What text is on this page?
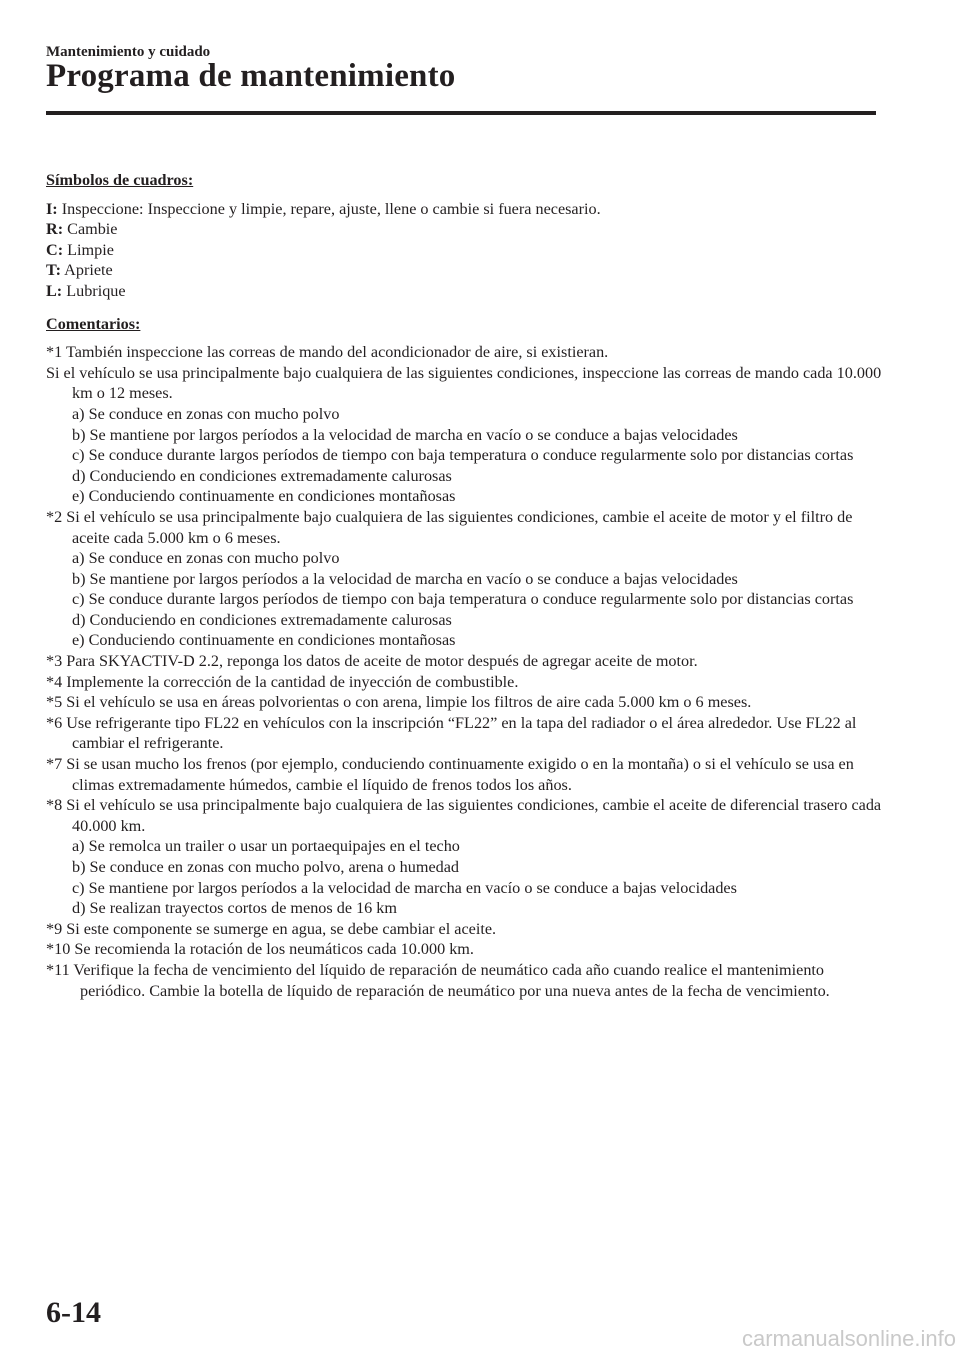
Mantenimiento y cuidado
Programa de mantenimiento
Símbolos de cuadros:
I: Inspeccione: Inspeccione y limpie, repare, ajuste, llene o cambie si fuera necesario.
R: Cambie
C: Limpie
T: Apriete
L: Lubrique
Comentarios:
*1 También inspeccione las correas de mando del acondicionador de aire, si existieran.
Si el vehículo se usa principalmente bajo cualquiera de las siguientes condiciones, inspeccione las correas de mando cada 10.000 km o 12 meses.
a) Se conduce en zonas con mucho polvo
b) Se mantiene por largos períodos a la velocidad de marcha en vacío o se conduce a bajas velocidades
c) Se conduce durante largos períodos de tiempo con baja temperatura o conduce regularmente solo por distancias cortas
d) Conduciendo en condiciones extremadamente calurosas
e) Conduciendo continuamente en condiciones montañosas
*2 Si el vehículo se usa principalmente bajo cualquiera de las siguientes condiciones, cambie el aceite de motor y el filtro de aceite cada 5.000 km o 6 meses.
a) Se conduce en zonas con mucho polvo
b) Se mantiene por largos períodos a la velocidad de marcha en vacío o se conduce a bajas velocidades
c) Se conduce durante largos períodos de tiempo con baja temperatura o conduce regularmente solo por distancias cortas
d) Conduciendo en condiciones extremadamente calurosas
e) Conduciendo continuamente en condiciones montañosas
*3 Para SKYACTIV-D 2.2, reponga los datos de aceite de motor después de agregar aceite de motor.
*4 Implemente la corrección de la cantidad de inyección de combustible.
*5 Si el vehículo se usa en áreas polvorientas o con arena, limpie los filtros de aire cada 5.000 km o 6 meses.
*6 Use refrigerante tipo FL22 en vehículos con la inscripción “FL22” en la tapa del radiador o el área alrededor. Use FL22 al cambiar el refrigerante.
*7 Si se usan mucho los frenos (por ejemplo, conduciendo continuamente exigido o en la montaña) o si el vehículo se usa en climas extremadamente húmedos, cambie el líquido de frenos todos los años.
*8 Si el vehículo se usa principalmente bajo cualquiera de las siguientes condiciones, cambie el aceite de diferencial trasero cada 40.000 km.
a) Se remolca un trailer o usar un portaequipajes en el techo
b) Se conduce en zonas con mucho polvo, arena o humedad
c) Se mantiene por largos períodos a la velocidad de marcha en vacío o se conduce a bajas velocidades
d) Se realizan trayectos cortos de menos de 16 km
*9 Si este componente se sumerge en agua, se debe cambiar el aceite.
*10 Se recomienda la rotación de los neumáticos cada 10.000 km.
*11 Verifique la fecha de vencimiento del líquido de reparación de neumático cada año cuando realice el mantenimiento periódico. Cambie la botella de líquido de reparación de neumático por una nueva antes de la fecha de vencimiento.
6-14
carmanualsonline.info
